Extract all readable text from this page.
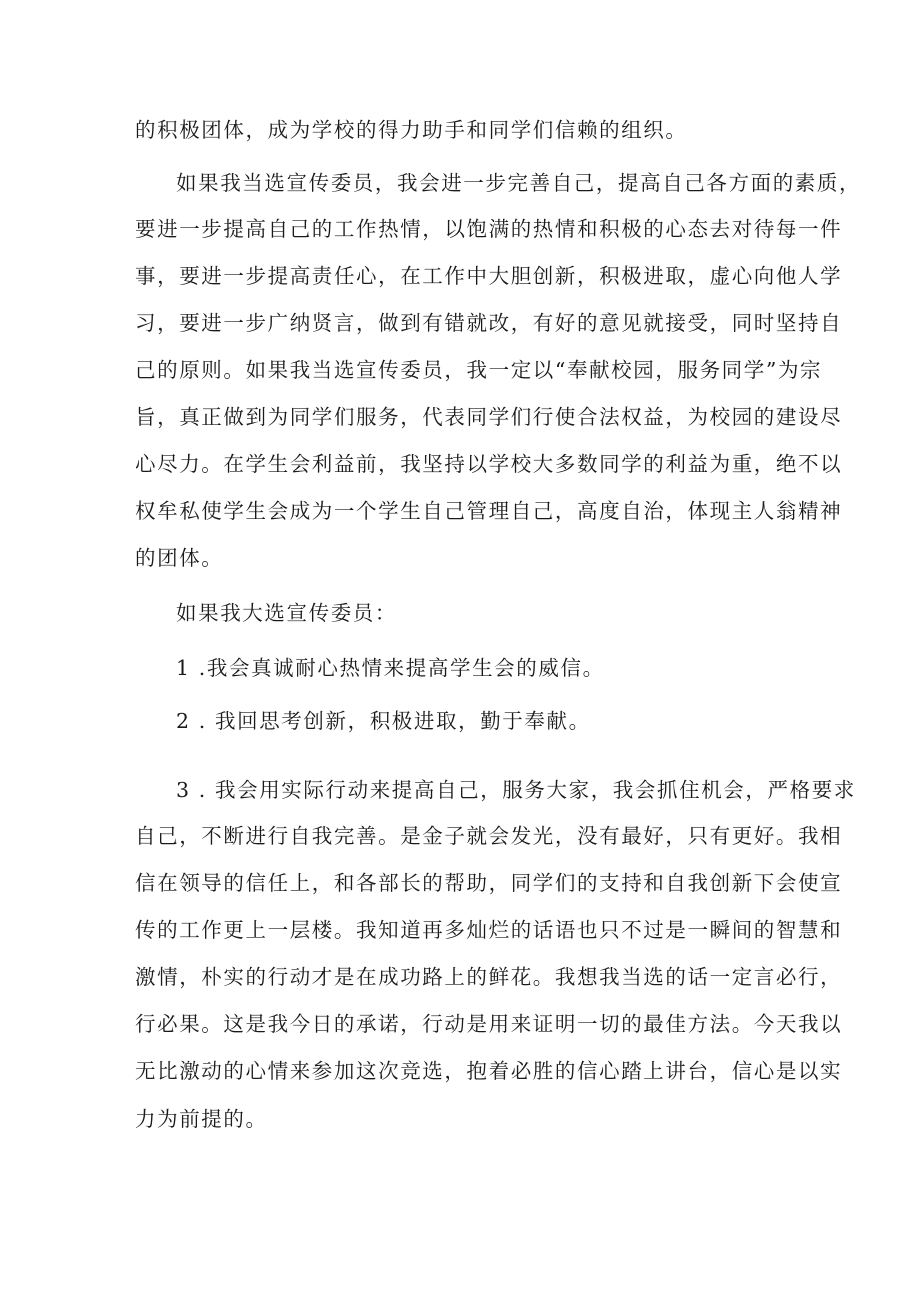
的积极团体，成为学校的得力助手和同学们信赖的组织。
如果我当选宣传委员，我会进一步完善自己，提高自己各方面的素质，
要进一步提高自己的工作热情，以饱满的热情和积极的心态去对待每一件
事，要进一步提高责任心，在工作中大胆创新，积极进取，虚心向他人学
习，要进一步广纳贤言，做到有错就改，有好的意见就接受，同时坚持自
己的原则。如果我当选宣传委员，我一定以“奉献校园，服务同学”为宗
旨，真正做到为同学们服务，代表同学们行使合法权益，为校园的建设尽
心尽力。在学生会利益前，我坚持以学校大多数同学的利益为重，绝不以
权牟私使学生会成为一个学生自己管理自己，高度自治，体现主人翁精神
的团体。
如果我大选宣传委员：
1 .我会真诚耐心热情来提高学生会的威信。
2 . 我回思考创新，积极进取，勤于奉献。
3 . 我会用实际行动来提高自己，服务大家，我会抓住机会，严格要求
自己，不断进行自我完善。是金子就会发光，没有最好，只有更好。我相
信在领导的信任上，和各部长的帮助，同学们的支持和自我创新下会使宣
传的工作更上一层楼。我知道再多灿烂的话语也只不过是一瞬间的智慧和
激情，朴实的行动才是在成功路上的鲜花。我想我当选的话一定言必行，
行必果。这是我今日的承诺，行动是用来证明一切的最佳方法。今天我以
无比激动的心情来参加这次竞选，抱着必胜的信心踏上讲台，信心是以实
力为前提的。
